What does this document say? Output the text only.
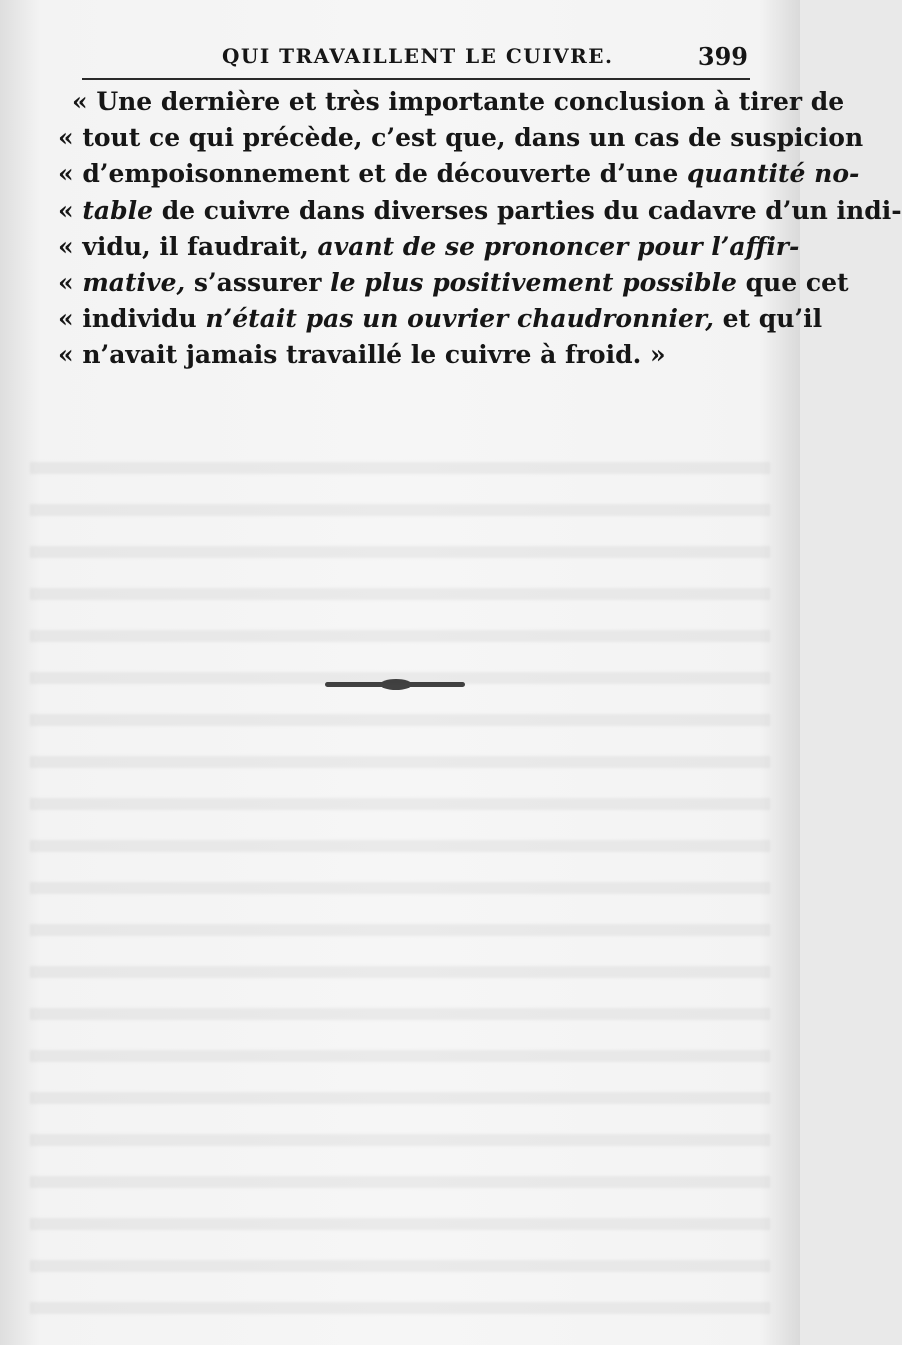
QUI TRAVAILLENT LE CUIVRE.	399
« Une dernière et très importante conclusion à tirer de
« tout ce qui précède, c’est que, dans un cas de suspicion
« d’empoisonnement et de découverte d’une quantité no-
« table de cuivre dans diverses parties du cadavre d’un indi-
« vidu, il faudrait, avant de se prononcer pour l’affir-
« mative, s’assurer le plus positivement possible que cet
« individu n’était pas un ouvrier chaudronnier, et qu’il
« n’avait jamais travaillé le cuivre à froid. »
